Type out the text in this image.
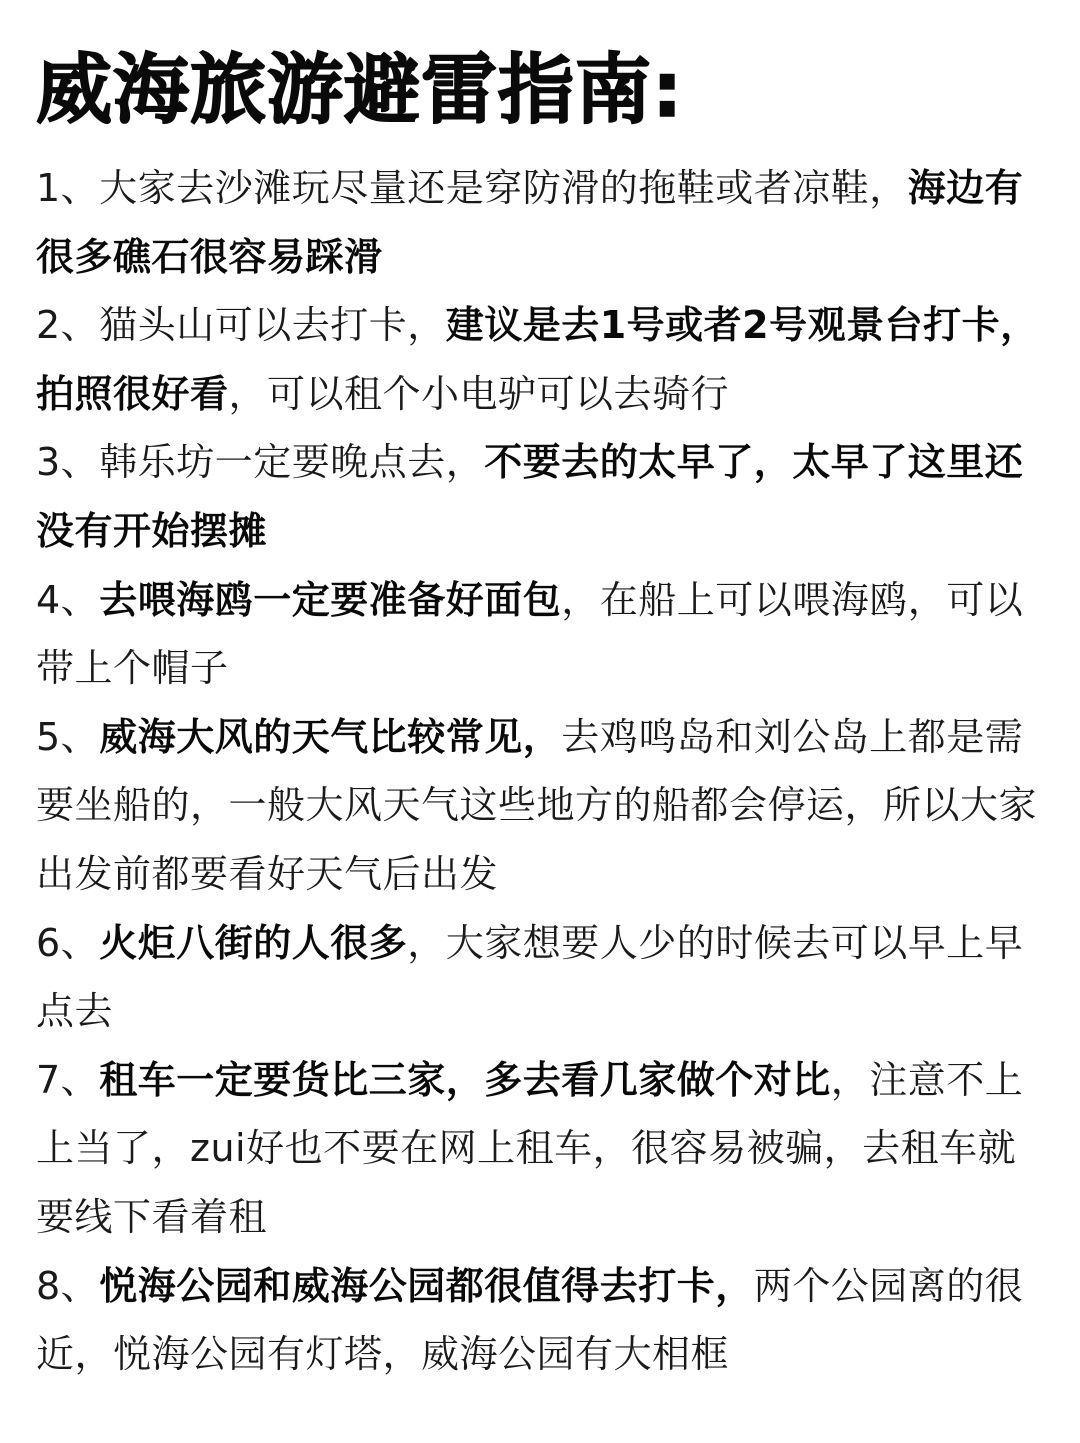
威海旅游避雷指南:
1、大家去沙滩玩尽量还是穿防滑的拖鞋或者凉鞋，海边有很多礁石很容易踩滑
2、猫头山可以去打卡，建议是去1号或者2号观景台打卡，拍照很好看，可以租个小电驴可以去骑行
3、韩乐坊一定要晚点去，不要去的太早了，太早了这里还没有开始摆摊
4、去喂海鸥一定要准备好面包，在船上可以喂海鸥，可以带上个帽子
5、威海大风的天气比较常见，去鸡鸣岛和刘公岛上都是需要坐船的，一般大风天气这些地方的船都会停运，所以大家出发前都要看好天气后出发
6、火炬八街的人很多，大家想要人少的时候去可以早上早点去
7、租车一定要货比三家，多去看几家做个对比，注意不上上当了，zui好也不要在网上租车，很容易被骗，去租车就要线下看着租
8、悦海公园和威海公园都很值得去打卡，两个公园离的很近，悦海公园有灯塔，威海公园有大相框
